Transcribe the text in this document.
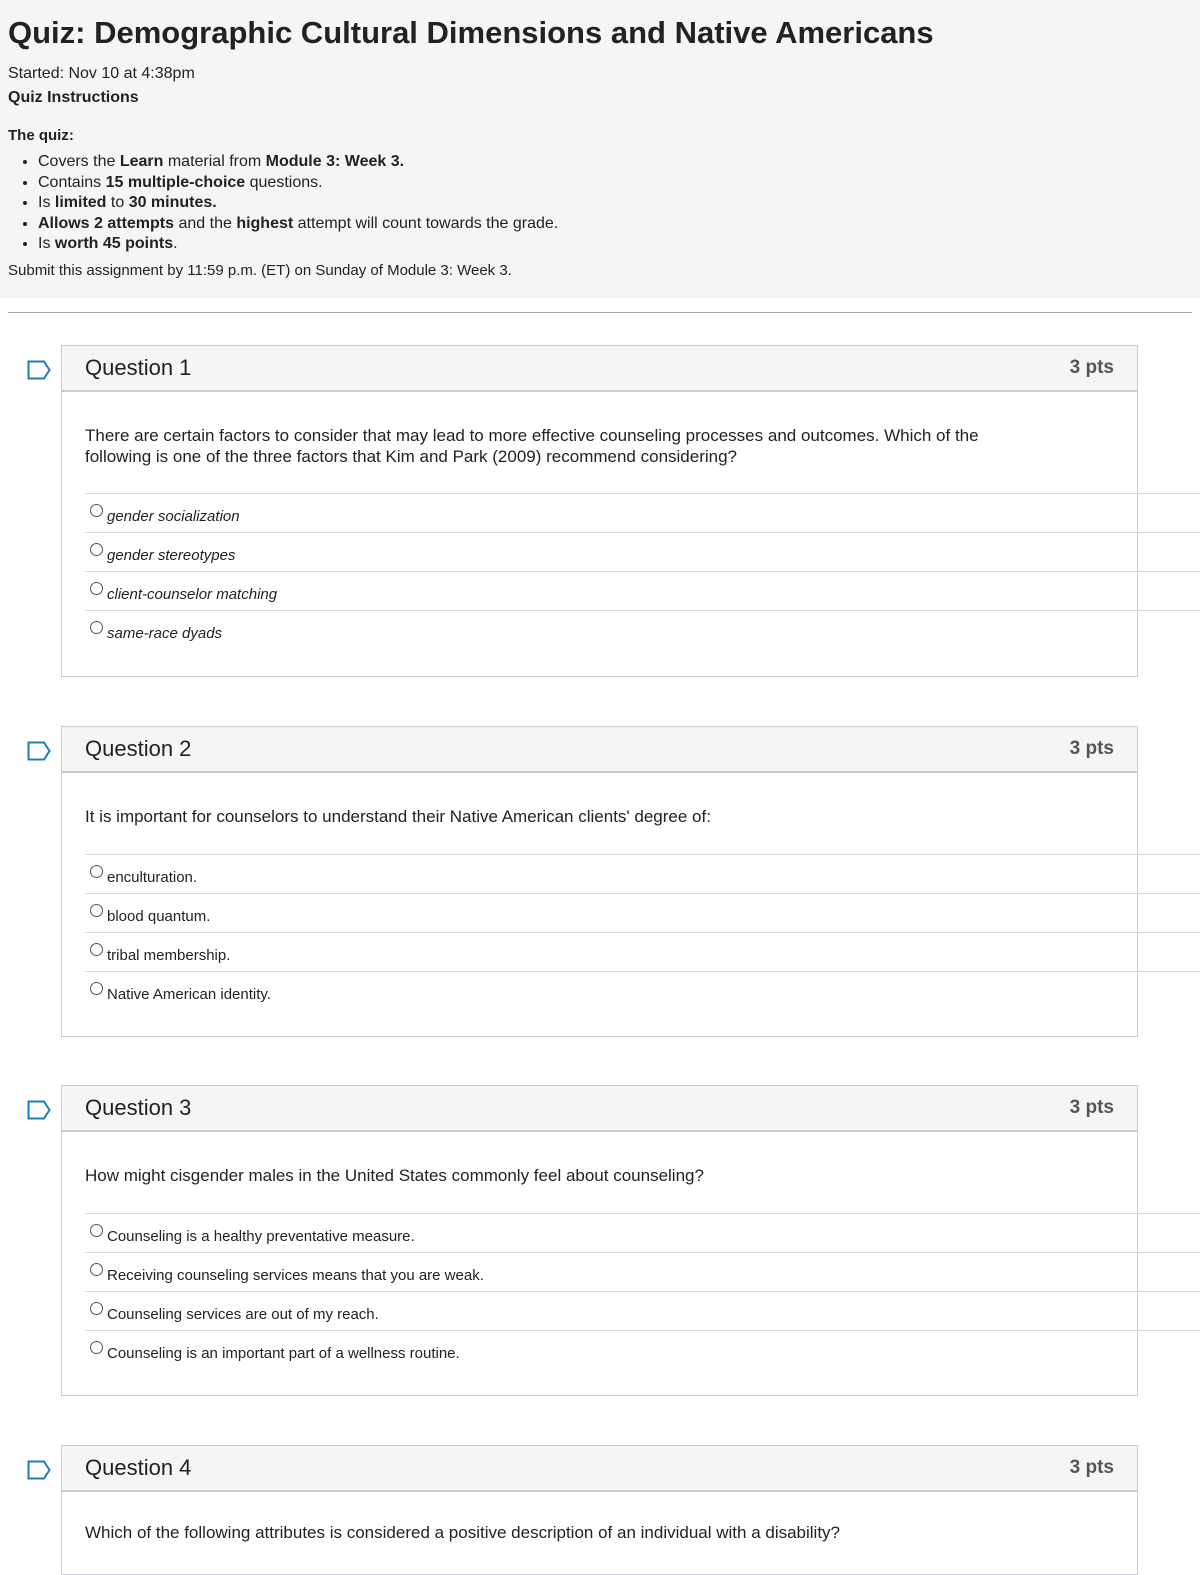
Quiz: Demographic Cultural Dimensions and Native Americans
Started: Nov 10 at 4:38pm
Quiz Instructions
The quiz:
• Covers the Learn material from Module 3: Week 3.
• Contains 15 multiple-choice questions.
• Is limited to 30 minutes.
• Allows 2 attempts and the highest attempt will count towards the grade.
• Is worth 45 points.
Submit this assignment by 11:59 p.m. (ET) on Sunday of Module 3: Week 3.
Question 1	3 pts
There are certain factors to consider that may lead to more effective counseling processes and outcomes. Which of the following is one of the three factors that Kim and Park (2009) recommend considering?
gender socialization
gender stereotypes
client-counselor matching
same-race dyads
Question 2	3 pts
It is important for counselors to understand their Native American clients' degree of:
enculturation.
blood quantum.
tribal membership.
Native American identity.
Question 3	3 pts
How might cisgender males in the United States commonly feel about counseling?
Counseling is a healthy preventative measure.
Receiving counseling services means that you are weak.
Counseling services are out of my reach.
Counseling is an important part of a wellness routine.
Question 4	3 pts
Which of the following attributes is considered a positive description of an individual with a disability?
